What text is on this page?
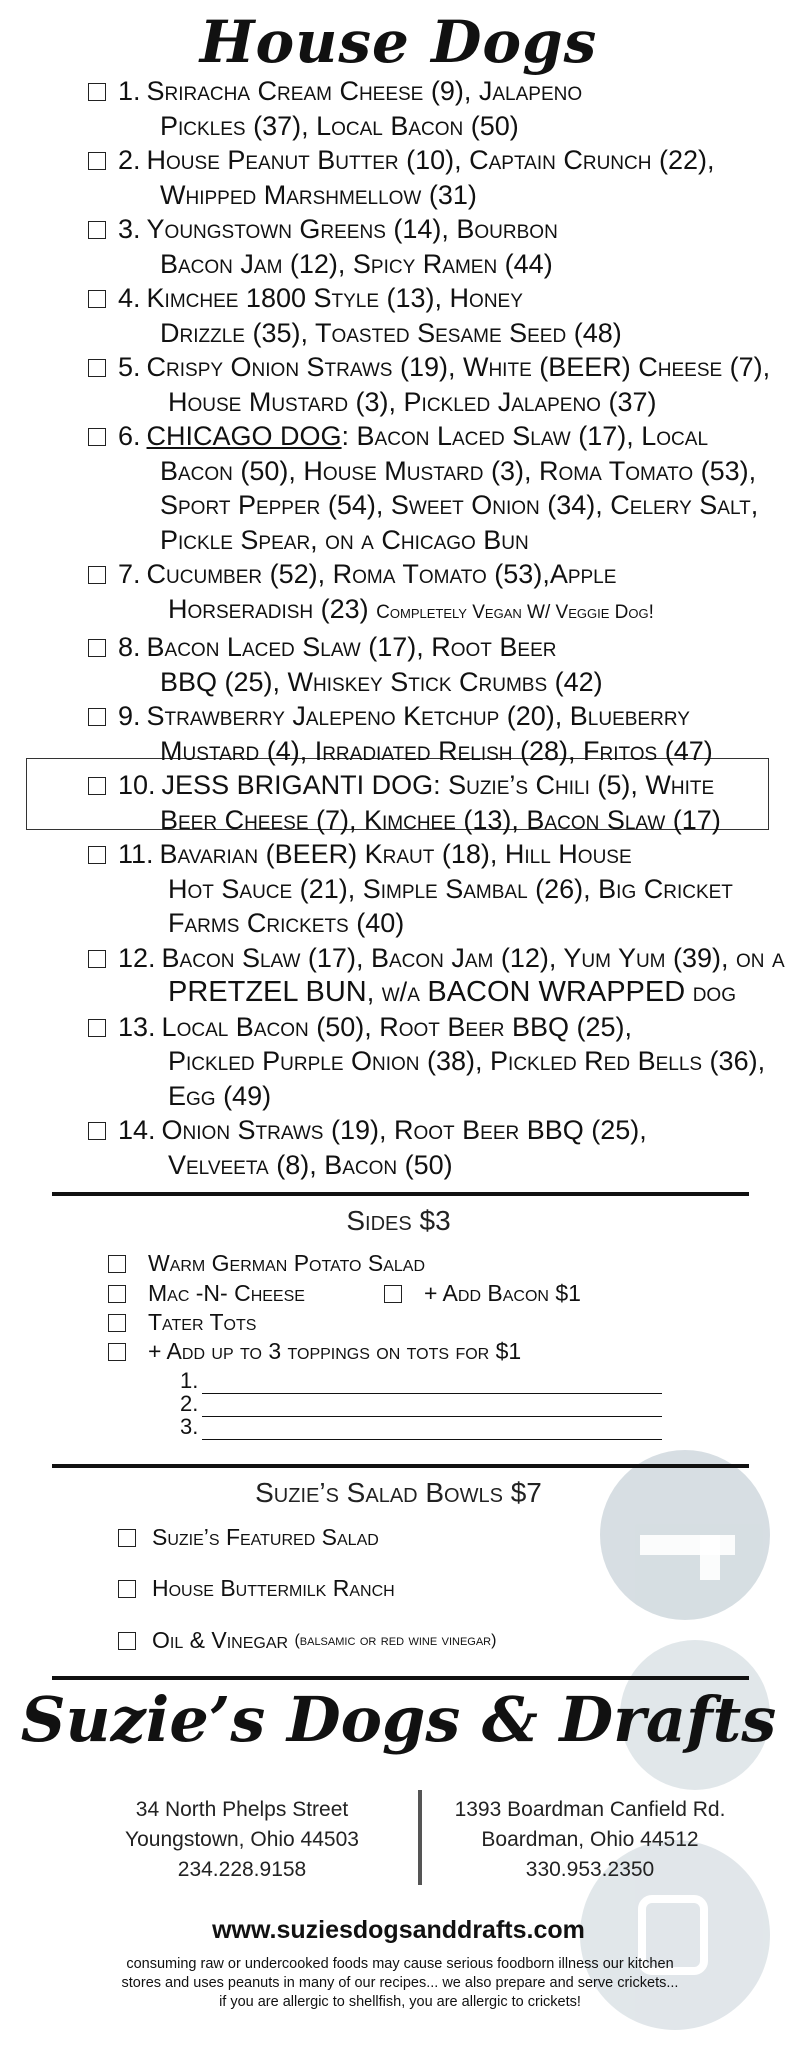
House Dogs
1. Sriracha Cream Cheese (9), Jalapeno
Pickles (37), Local Bacon (50)
2. House Peanut Butter (10), Captain Crunch (22),
Whipped Marshmellow (31)
3. Youngstown Greens (14), Bourbon
Bacon Jam (12), Spicy Ramen (44)
4. Kimchee 1800 Style (13), Honey
Drizzle (35), Toasted Sesame Seed (48)
5. Crispy Onion Straws (19), White (BEER) Cheese (7),
House Mustard (3), Pickled Jalapeno (37)
6. CHICAGO DOG: Bacon Laced Slaw (17), Local
Bacon (50), House Mustard (3), Roma Tomato (53),
Sport Pepper (54), Sweet Onion (34), Celery Salt,
Pickle Spear, on a Chicago Bun
7. Cucumber (52), Roma Tomato (53),Apple
Horseradish (23) Completely Vegan W/ Veggie Dog!
8. Bacon Laced Slaw (17), Root Beer
BBQ (25), Whiskey Stick Crumbs (42)
9. Strawberry Jalepeno Ketchup (20), Blueberry
Mustard (4), Irradiated Relish (28), Fritos (47)
10. JESS BRIGANTI DOG: Suzie’s Chili (5), White
Beer Cheese (7), Kimchee (13), Bacon Slaw (17)
11. Bavarian (BEER) Kraut (18), Hill House
Hot Sauce (21), Simple Sambal (26), Big Cricket
Farms Crickets (40)
12. Bacon Slaw (17), Bacon Jam (12), Yum Yum (39), on a
PRETZEL BUN, w/a BACON WRAPPED dog
13. Local Bacon (50), Root Beer BBQ (25),
Pickled Purple Onion (38), Pickled Red Bells (36),
Egg (49)
14. Onion Straws (19), Root Beer BBQ (25),
Velveeta (8), Bacon (50)
Sides $3
Warm German Potato Salad
Mac -N- Cheese	+ Add Bacon $1
Tater Tots
+ Add up to 3 toppings on tots for $1
1.
2.
3.
Suzie’s Salad Bowls $7
Suzie’s Featured Salad
House Buttermilk Ranch
Oil & Vinegar
(balsamic or red wine vinegar)
Suzie’s Dogs & Drafts
34 North Phelps Street
Youngstown, Ohio 44503
234.228.9158
1393 Boardman Canfield Rd.
Boardman, Ohio 44512
330.953.2350
www.suziesdogsanddrafts.com
consuming raw or undercooked foods may cause serious foodborn illness our kitchen stores and uses peanuts in many of our recipes... we also prepare and serve crickets... if you are allergic to shellfish, you are allergic to crickets!
